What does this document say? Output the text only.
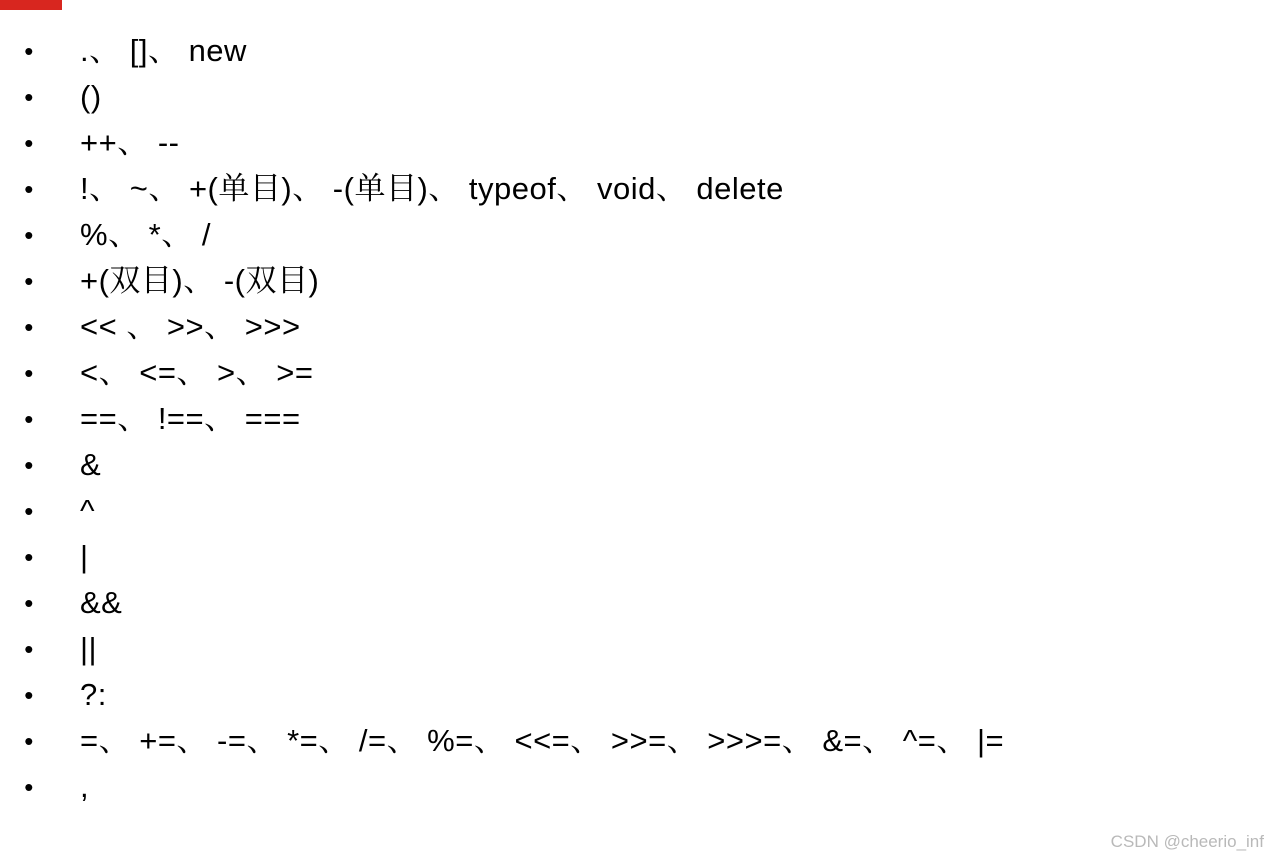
• .、 []、 new
• ()
• ++、 --
• !、 ~、 +(单目)、 -(单目)、 typeof、 void、 delete
• %、 *、 /
• +(双目)、 -(双目)
• << 、 >>、 >>>
• <、 <=、 >、 >=
• ==、 !==、 ===
• &
• ^
• |
• &&
• ||
• ?:
• =、 +=、 -=、 *=、 /=、 %=、 <<=、 >>=、 >>>=、 &=、 ^=、 |=
• ,
CSDN @cheerio_inf
